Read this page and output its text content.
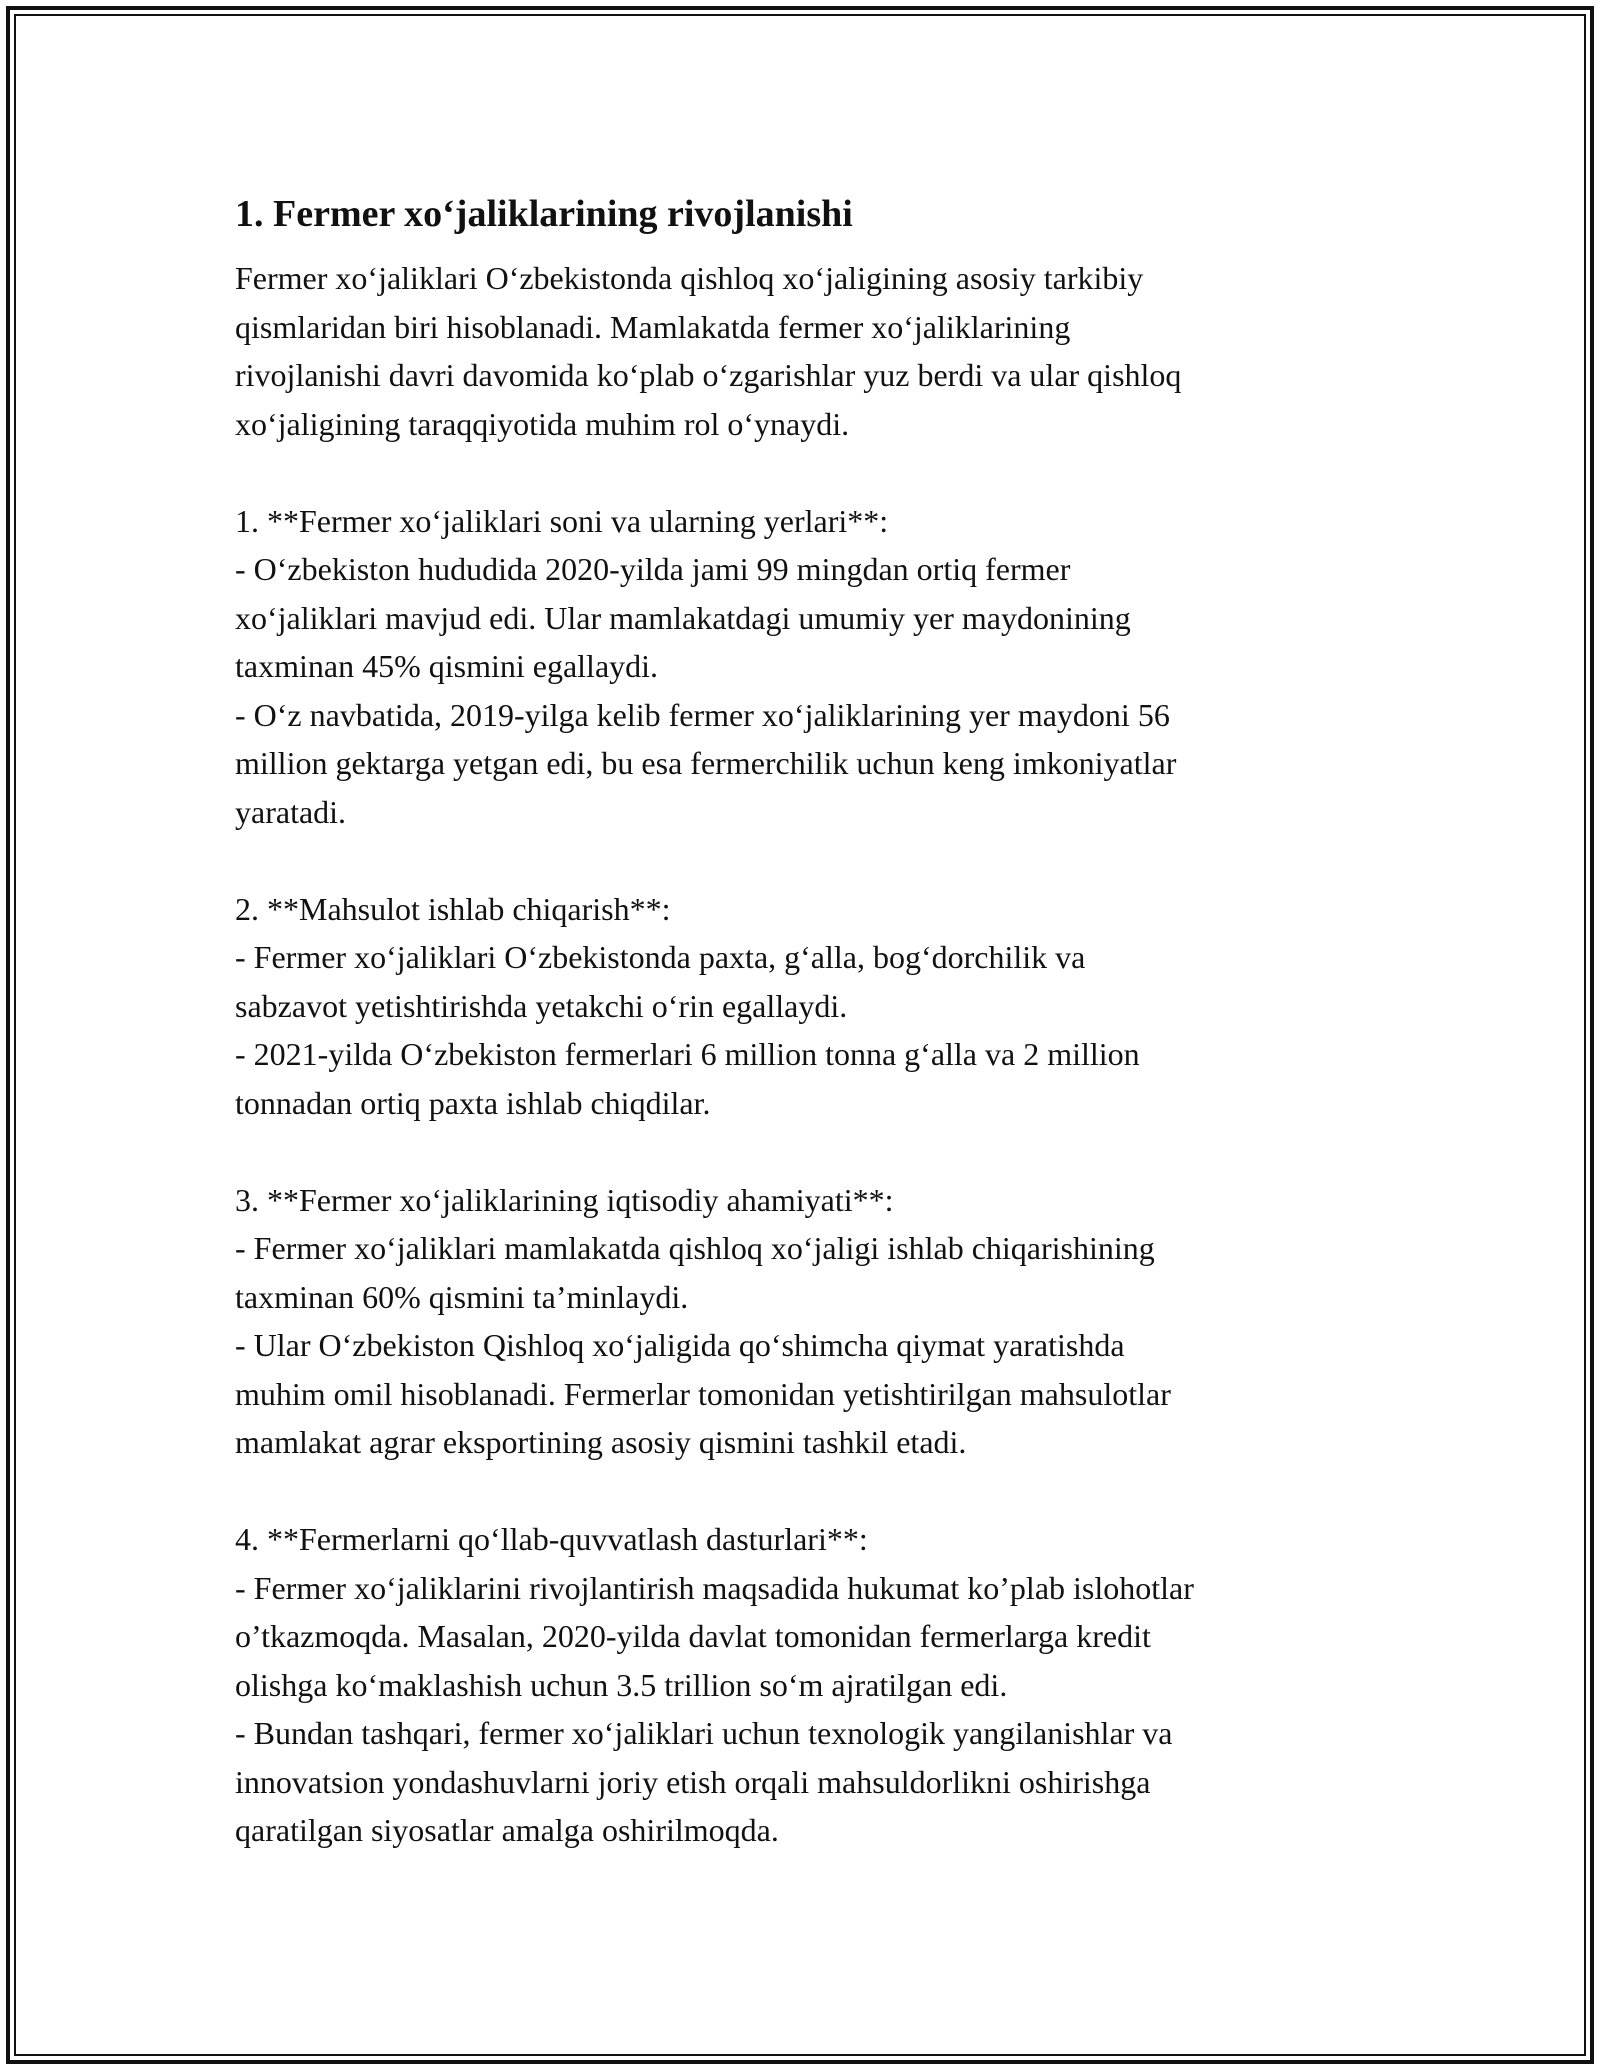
1. Fermer xoʻjaliklarining rivojlanishi

Fermer xoʻjaliklari Oʻzbekistonda qishloq xoʻjaligining asosiy tarkibiy
qismlaridan biri hisoblanadi. Mamlakatda fermer xoʻjaliklarining
rivojlanishi davri davomida koʻplab oʻzgarishlar yuz berdi va ular qishloq
xoʻjaligining taraqqiyotida muhim rol oʻynaydi.

1. **Fermer xoʻjaliklari soni va ularning yerlari**:

- Oʻzbekiston hududida 2020-yilda jami 99 mingdan ortiq fermer
xoʻjaliklari mavjud edi. Ular mamlakatdagi umumiy yer maydonining
taxminan 45% qismini egallaydi.

- Oʻz navbatida, 2019-yilga kelib fermer xoʻjaliklarining yer maydoni 56
million gektarga yetgan edi, bu esa fermerchilik uchun keng imkoniyatlar
yaratadi.

2. **Mahsulot ishlab chiqarish**:

- Fermer xoʻjaliklari Oʻzbekistonda paxta, gʻalla, bogʻdorchilik va
sabzavot yetishtirishda yetakchi oʻrin egallaydi.

- 2021-yilda Oʻzbekiston fermerlari 6 million tonna gʻalla va 2 million
tonnadan ortiq paxta ishlab chiqdilar.

3. **Fermer xoʻjaliklarining iqtisodiy ahamiyati**:

- Fermer xoʻjaliklari mamlakatda qishloq xoʻjaligi ishlab chiqarishining
taxminan 60% qismini ta’minlaydi.

- Ular Oʻzbekiston Qishloq xoʻjaligida qoʻshimcha qiymat yaratishda
muhim omil hisoblanadi. Fermerlar tomonidan yetishtirilgan mahsulotlar
mamlakat agrar eksportining asosiy qismini tashkil etadi.

4. **Fermerlarni qoʻllab-quvvatlash dasturlari**:

- Fermer xoʻjaliklarini rivojlantirish maqsadida hukumat ko’plab islohotlar
o’tkazmoqda. Masalan, 2020-yilda davlat tomonidan fermerlarga kredit
olishga koʻmaklashish uchun 3.5 trillion soʻm ajratilgan edi.

- Bundan tashqari, fermer xoʻjaliklari uchun texnologik yangilanishlar va
innovatsion yondashuvlarni joriy etish orqali mahsuldorlikni oshirishga
qaratilgan siyosatlar amalga oshirilmoqda.
